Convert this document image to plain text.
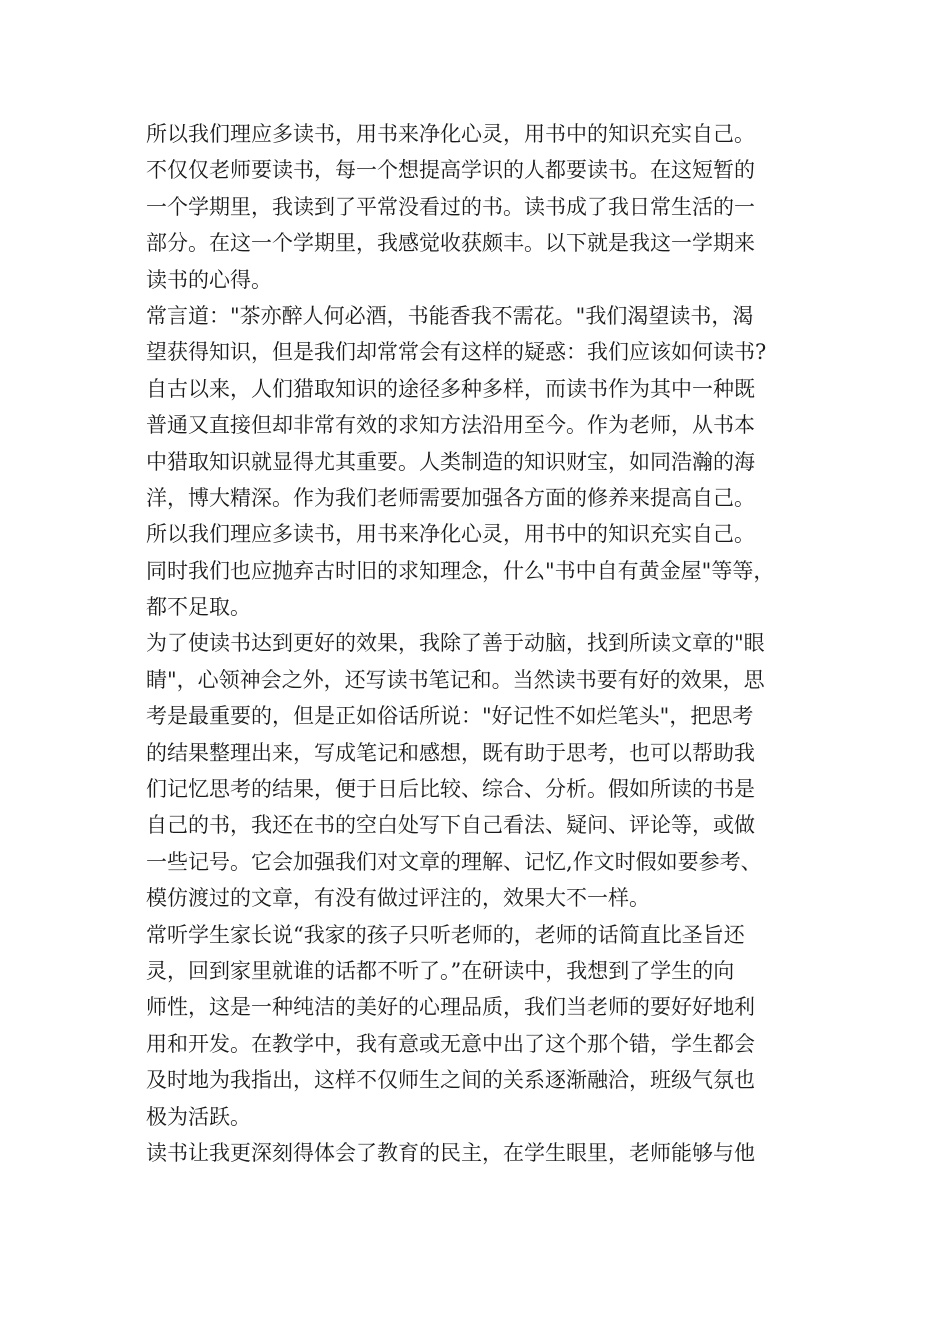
所以我们理应多读书，用书来净化心灵，用书中的知识充实自己。
不仅仅老师要读书，每一个想提高学识的人都要读书。在这短暂的
一个学期里，我读到了平常没看过的书。读书成了我日常生活的一
部分。在这一个学期里，我感觉收获颇丰。以下就是我这一学期来
读书的心得。
常言道："茶亦醉人何必酒，书能香我不需花。"我们渴望读书，渴
望获得知识，但是我们却常常会有这样的疑惑：我们应该如何读书?
自古以来，人们猎取知识的途径多种多样，而读书作为其中一种既
普通又直接但却非常有效的求知方法沿用至今。作为老师，从书本
中猎取知识就显得尤其重要。人类制造的知识财宝，如同浩瀚的海
洋，博大精深。作为我们老师需要加强各方面的修养来提高自己。
所以我们理应多读书，用书来净化心灵，用书中的知识充实自己。
同时我们也应抛弃古时旧的求知理念，什么"书中自有黄金屋"等等，
都不足取。
为了使读书达到更好的效果，我除了善于动脑，找到所读文章的"眼
睛"，心领神会之外，还写读书笔记和。当然读书要有好的效果，思
考是最重要的，但是正如俗话所说："好记性不如烂笔头"，把思考
的结果整理出来，写成笔记和感想，既有助于思考，也可以帮助我
们记忆思考的结果，便于日后比较、综合、分析。假如所读的书是
自己的书，我还在书的空白处写下自己看法、疑问、评论等，或做
一些记号。它会加强我们对文章的理解、记忆,作文时假如要参考、
模仿渡过的文章，有没有做过评注的，效果大不一样。
常听学生家长说“我家的孩子只听老师的，老师的话简直比圣旨还
灵，回到家里就谁的话都不听了。”在研读中，我想到了学生的向
师性，这是一种纯洁的美好的心理品质，我们当老师的要好好地利
用和开发。在教学中，我有意或无意中出了这个那个错，学生都会
及时地为我指出，这样不仅师生之间的关系逐渐融洽，班级气氛也
极为活跃。
读书让我更深刻得体会了教育的民主，在学生眼里，老师能够与他
